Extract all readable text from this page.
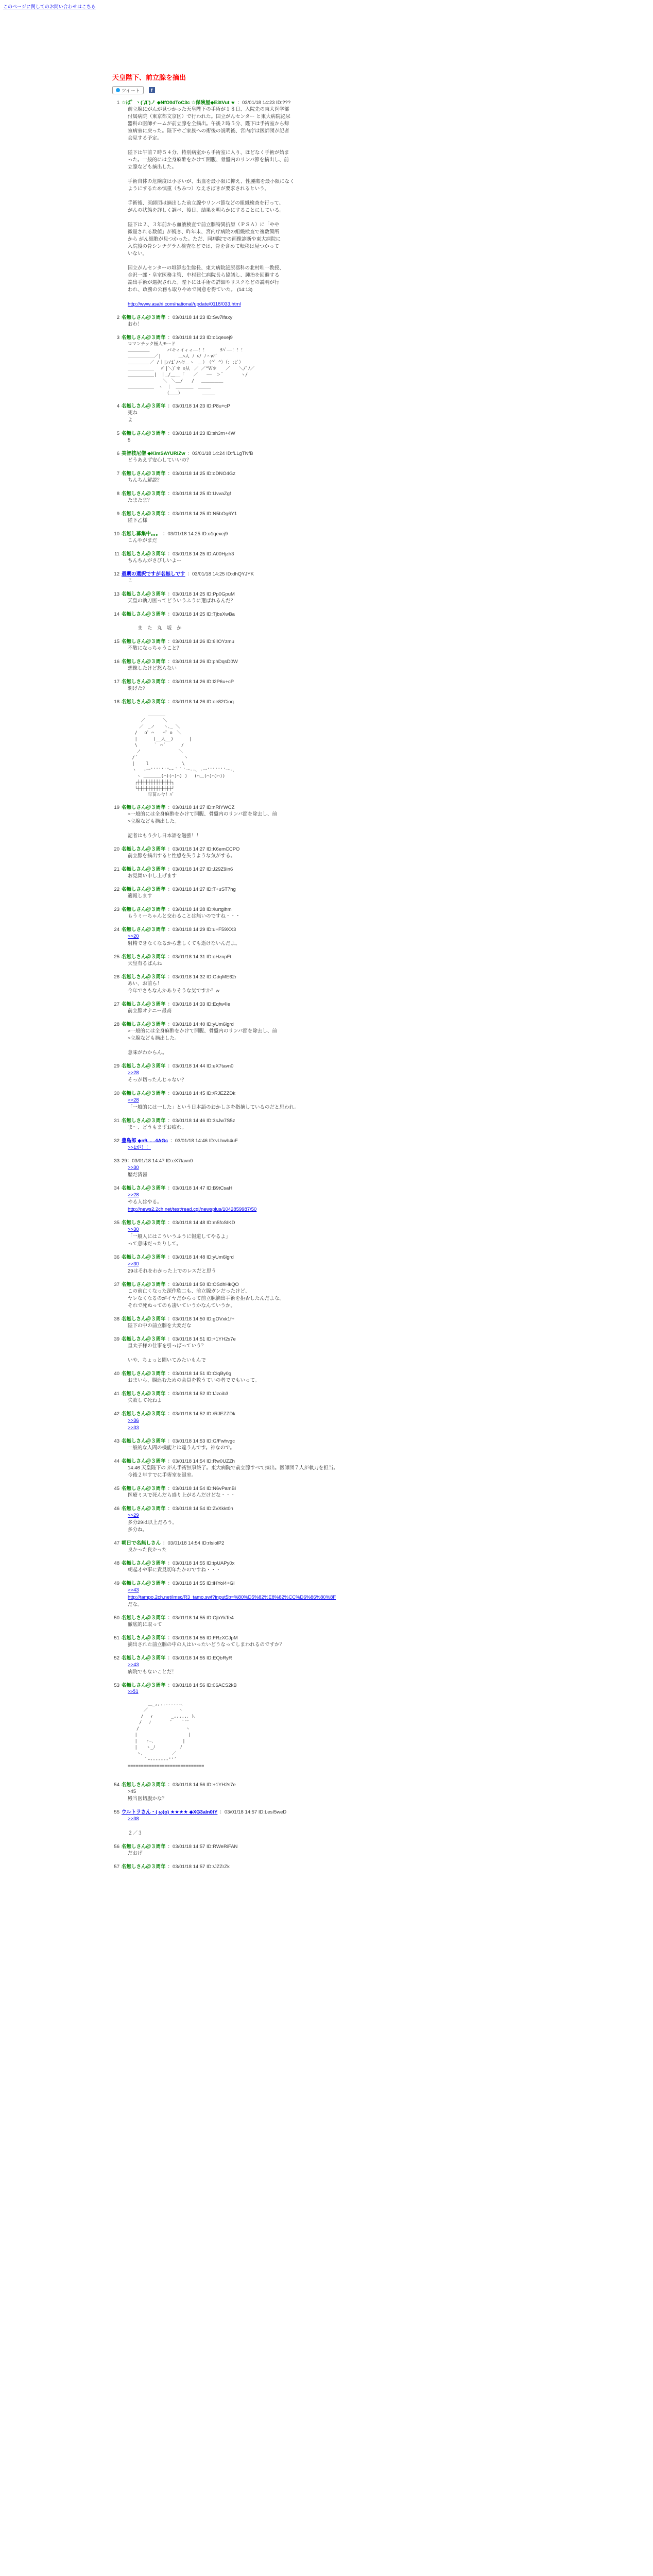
このページに関してのお問い合わせはこちら
天皇陛下、前立腺を摘出
ツイート	f
1 ☆ば゜ヽ(´Д`)ノ ◆NfO0dToC3c ☆保険屋◆E3tVut ★ ：03/01/18 14:23 ID:???
前立腺にがんが見つかった天皇陛下の手術が１８日、入院先の東大医学部
付属病院（東京都文京区）で行われた。国立がんセンター と東大病院泌尿
器科の医師チームが前立腺を全摘出。午後２時５分、陛下は手術室から帰
室病室に戻った。陛下やご家族への術後の説明後、宮内庁は医師団が記者
会見する予定。

陛下は午前７時５４分、特別病室から手術室に入り、ほどなく手術が始ま
った。一般的には全身麻酔をかけて開腹、骨盤内のリンパ節を摘出し、前
立腺なども摘出した。

手術自体の危険度は小さいが、出血を最小限に抑え、性腫瘍を最小限になく
ようにするため慎重（ちみつ）なえさばきが要求されるという。

手術後、医師団は摘出した前立腺やリンパ節などの組織検査を行って、
がんの状態を詳しく調べ、後日、結果を明らかにすることにしている。

陛下は２、３年前から血液検査で前立腺特異抗原（ＰＳＡ）に「やや
微量される数値」が続き、昨年末、宮内庁病院の組織検査で複数箇所
から がん細胞が見つかった。ただ、同病院での画像診断や東大病院に
入院後の骨シンチグラム検査などでは、骨を含めて転移は見つかって
いない。

国立がんセンターの垣添忠生総長、東大病院泌尿器科の北村唯一教授、
金沢一郎・皇室医務主管、中村建仁病院長ら協議し、腫治を回避する
論出手術が選択された。陛下には手術の詳細やリスクなどの説明が行
われ、政務の公務も取りやめで同意を得ていた。 (14:13)

http://www.asahi.com/national/update/0118/033.html
2 名無しさん＠３周年 ：03/01/18 14:23 ID:Sw7ifaxy
おわ！
3 名無しさん＠３周年 ：03/01/18 14:23 ID:o1qexej9
ロマンチック極人モード
＿＿＿＿＿　　　　パキィイィィ――！！　　　ｻﾊﾞ――！！！
＿＿＿＿＿＿／|　　　　＿ﾍ人 ﾉ ﾙﾉ ﾉ＾∨ﾊﾞ
＿＿＿＿＿／ /｜|ﾝ/iﾞ/ﾍｲﾆ＿ヽ　＿）　（^゜^）（：:ﾋﾟ）
＿＿＿＿＿＿　 ﾊﾟ|＼)ﾞ＊ ﾙ从　／ ／"Ｗ＊　　／　　＼/ﾞﾉ／
＿＿＿＿＿＿|　｜_/＿__「　　／　　――　＞¨　　　　ヽ/
　　　　　　　　＼　＼＿/　　/　 ＿＿＿＿＿
＿＿＿＿＿＿　ヽ　｜　＿＿＿＿　＿＿＿
　　　　　　　　　（＿＿）　　　　　＿＿＿
4 名無しさん＠３周年 ：03/01/18 14:23 ID:P8u+cP
死ね
よ
5 名無しさん＠３周年 ：03/01/18 14:23 ID:sh3rn+4W
5
6 美智枝尼僧 ◆KimSAYURIZw ：03/01/18 14:24 ID:fLLgTNfB
どうあえず安心していいの？
7 名無しさん＠３周年 ：03/01/18 14:25 ID:oDNO4Gz
ちんちん解説？
8 名無しさん＠３周年 ：03/01/18 14:25 ID:UvvaZgf
たまたま？
9 名無しさん＠３周年 ：03/01/18 14:25 ID:N5bOg6Y1
陛下乙様
10 名無し募集中。。。 ：03/01/18 14:25 ID:o1qexej9
こんやがまだ
11 名無しさん＠３周年 ：03/01/18 14:25 ID:A00Hjzh3
ちんちんがさびしいよー
12 最期の選択ですが名無しです ：03/01/18 14:25 ID:dhQYJYK
こ
13 名無しさん＠３周年 ：03/01/18 14:25 ID:Pp0GpuM
天皇の執刀医ってどういうふうに選ばれるんだ？
14 名無しさん＠３周年 ：03/01/18 14:25 ID:TjbsXwBa

　　ま　た　丸　坂　か
15 名無しさん＠３周年 ：03/01/18 14:26 ID:6iIOYzmu
不敬になっちゃうこと？
16 名無しさん＠３周年 ：03/01/18 14:26 ID:phDqsD0W
想像したけど怒らない
17 名無しさん＠３周年 ：03/01/18 14:26 ID:l2P6u+cP
剃げた?
18 名無しさん＠３周年 ：03/01/18 14:26 ID:oe82Cioq

　　　　 ＿＿＿＿
　　　／　　　　＼
　　 ／　_ノ　　ヽ､_ ＼
　 /　 o゜⌒　　⌒゜o　＼
　 |　　　 (__人__)　　　 |
　 \　　　 ｀ ⌒´　　　 /
　　ノ　　　　　　　　 ＼
　/´　　　　　　　　　　 ヽ
　|　　 l　　　　　　　 \ 　
　ヽ　 -一''''''"~~｀｀'ー--､ -一'''''''ー-､
　　ヽ ＿＿＿＿(⌒)(⌒)⌒) )　 (⌒＿(⌒)⌒)⌒))
　 ┌┼┼┼┼┼┼┼┼┼┼┼┼┼┐
　 └┼┼┼┼┼┼┼┼┼┼┼┼┼┘
　　　　 早苗ルヤ！ﾊﾞ

19 名無しさん＠３周年 ：03/01/18 14:27 ID:nRiYWCZ
>一般的には全身麻酔をかけて開腹、骨盤内のリンパ節を除去し、前
>立腺なども摘出した。

記者はもう少し日本語を勉強！！
20 名無しさん＠３周年 ：03/01/18 14:27 ID:K6emCCPO
前立腺を摘出すると性感を失うような気がする。
21 名無しさん＠３周年 ：03/01/18 14:27 ID:J29Z9in6
お見舞い申し上げます
22 名無しさん＠３周年 ：03/01/18 14:27 ID:T+uST7hg
適報します
23 名無しさん＠３周年 ：03/01/18 14:28 ID:/iurtgihm
もうミーちゃんと交わることは無いのですね・・・
24 名無しさん＠３周年 ：03/01/18 14:29 ID:u+F59XX3
>>20
射精できなくなるから悲しくても逝けないんだよ。
25 名無しさん＠３周年 ：03/01/18 14:31 ID:oHznpFt
天皇有るばんね
26 名無しさん＠３周年 ：03/01/18 14:32 ID:GdqME62r
あい、お前ら！
今年でさもなんかありそうな気ですか？w
27 名無しさん＠３周年 ：03/01/18 14:33 ID:Eqfw4le
前立腺オナニー最高
28 名無しさん＠３周年 ：03/01/18 14:40 ID:yUm6lgrd
>一般的には全身麻酔をかけて開腹、骨盤内のリンパ節を除去し、前
>立腺なども摘出した。

意味がわからん。
29 名無しさん＠３周年 ：03/01/18 14:44 ID:eX7tavn0
>>28
そっが切ったんじゃない？
30 名無しさん＠３周年 ：03/01/18 14:45 ID:/RJEZZDk
>>28
「一般的には一した」という日本語のおかしさを指摘しているのだと思われ。
31 名無しさん＠３周年 ：03/01/18 14:46 ID:3sJw7S5z
ま～、どうもまずお疲れ。
32 豊島郎 ◆n9......4AGc ：03/01/18 14:46 ID:vLhwb4uF
>>1が！！
33 29：03/01/18 14:47 ID:eX7tavn0
>>30
歴だ済醤
34 名無しさん＠３周年 ：03/01/18 14:47 ID:B9tCsaH
>>28
やる人はやる。
http://news2.2ch.net/test/read.cgi/newsplus/1042859987/50
35 名無しさん＠３周年 ：03/01/18 14:48 ID:m5foSIKD
>>30
「一般人にはこういうふうに報道してやるよ」
って意味だったりして。
36 名無しさん＠３周年 ：03/01/18 14:48 ID:yUm6lgrd
>>30
29はそれをわかった上でのレスだと思う
37 名無しさん＠３周年 ：03/01/18 14:50 ID:OSdhHkQO
この前亡くなった深作欣二も、前立腺ガンだったけど、
ヤレなくなるのがイヤだからって前立腺摘出手術を拒否したんだよな。
それで死ぬってのも凄いていうかなんていうか。
38 名無しさん＠３周年 ：03/01/18 14:50 ID:gOVxk1f+
陛下の中の前立腺を大変だな
39 名無しさん＠３周年 ：03/01/18 14:51 ID:+1YH2s7e
皇太子様の仕事を引っぱっていう？

いや、ちょっと聞いてみたいもんで
40 名無しさん＠３周年 ：03/01/18 14:51 ID:ClqBy0g
おまいら、腸込むための会員を救うていの者ででもいって。
41 名無しさん＠３周年 ：03/01/18 14:52 ID:fJzoib3
失敗して死ねよ
42 名無しさん＠３周年 ：03/01/18 14:52 ID:/RJEZZDk
>>36
>>33
43 名無しさん＠３周年 ：03/01/18 14:53 ID:G/Fwhvgc
一般的な人間の機能とは違うんです。神なので。
44 名無しさん＠３周年 ：03/01/18 14:54 ID:Rw0UZZh
14:46 天皇陛下の がん手術無事終了。東大病院で前立腺すべて摘出。医師団７人が執刀を担当。
今後２年すでに手術室を退室。
45 名無しさん＠３周年 ：03/01/18 14:54 ID:N6vPamBi
医療ミスで死んだら盛り上がるんだけどな・・・
46 名無しさん＠３周年 ：03/01/18 14:54 ID:ZvXkkt0n
>>29
多分29は以上だろう。
多分ね。
47 朝日で名無しさん ：03/01/18 14:54 ID:rIsiolP2
良かった良かった
48 名無しさん＠３周年 ：03/01/18 14:55 ID:tpUAPy0x
朝起才や事に責見切年たかのですね・・・
49 名無しさん＠３周年 ：03/01/18 14:55 ID:iHYol4+Gl
>>43
http://tampo.2ch.net/imsc/R3_tamo.swf?input5b=%80%D5%82%E8%82%CC%D6%86%80%8F
だな。
50 名無しさん＠３周年 ：03/01/18 14:55 ID:CjbYkTe4
徹底的に取って
51 名無しさん＠３周年 ：03/01/18 14:55 ID:FRzXCJpM
摘出された前立腺の中の人はいったいどうなってしまわれるのですか？
52 名無しさん＠３周年 ：03/01/18 14:55 ID:EQbRyR
>>43
病院でもないことだ！
53 名無しさん＠３周年 ：03/01/18 14:56 ID:06ACS2kB
>>51

　　　　 ＿_,,..--‐‐‐-､
　　　 ／　　　　　　　ヽ
　　　/　 ｨ　　 　 _,,,..､ ﾄ､
　　 /　 ﾉ　　 　 ´　　｀ﾞ ゙
　　/　　　　　　　　　　 ヽ
　 |　　　　　　　　　　　 |
　 |　　r‐、　　　　　　 |
　 |　　ヽ_ﾉ　　　　　 ﾉ
　　ヽ、　　　　　　 ／
　　　 ｀ｰ-------''´
=============================

54 名無しさん＠３周年 ：03/01/18 14:56 ID:+1YH2s7e
>45
殿当医切腹かな？
55 ウルトラさん・( ω)o) ★★★★ ◆XG3aIn0tY ：03/01/18 14:57 ID:LesI5weD
>>38

２／３
56 名無しさん＠３周年 ：03/01/18 14:57 ID:RWeRiFAN
だおげ
57 名無しさん＠３周年 ：03/01/18 14:57 ID:/JZZrZk
